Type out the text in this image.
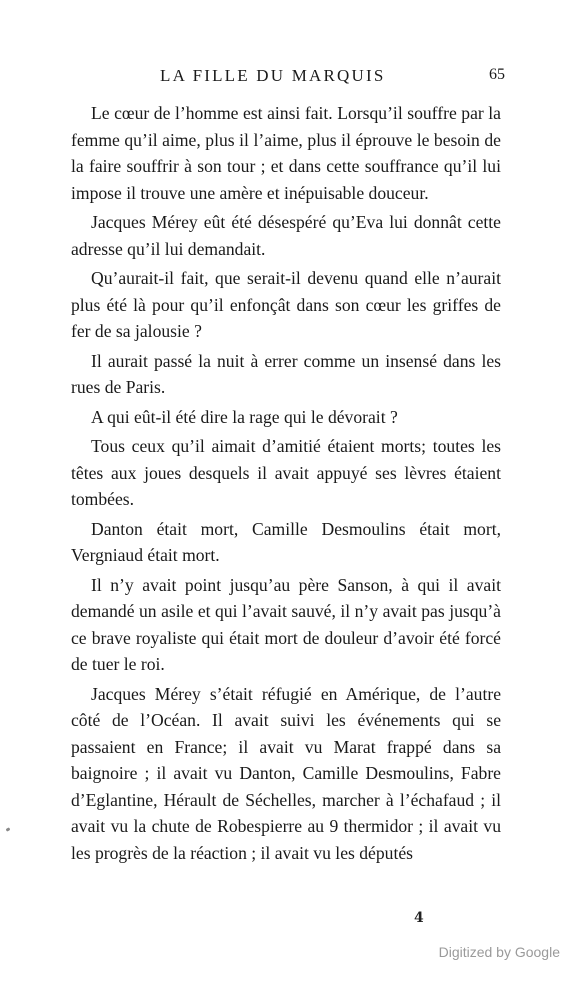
LA FILLE DU MARQUIS	65

Le cœur de l’homme est ainsi fait. Lorsqu’il souffre par la femme qu’il aime, plus il l’aime, plus il éprouve le besoin de la faire souffrir à son tour ; et dans cette souffrance qu’il lui impose il trouve une amère et inépuisable douceur.

Jacques Mérey eût été désespéré qu’Eva lui donnât cette adresse qu’il lui demandait.

Qu’aurait-il fait, que serait-il devenu quand elle n’aurait plus été là pour qu’il enfonçât dans son cœur les griffes de fer de sa jalousie ?

Il aurait passé la nuit à errer comme un insensé dans les rues de Paris.

A qui eût-il été dire la rage qui le dévorait ?

Tous ceux qu’il aimait d’amitié étaient morts; toutes les têtes aux joues desquels il avait appuyé ses lèvres étaient tombées.

Danton était mort, Camille Desmoulins était mort, Vergniaud était mort.

Il n’y avait point jusqu’au père Sanson, à qui il avait demandé un asile et qui l’avait sauvé, il n’y avait pas jusqu’à ce brave royaliste qui était mort de douleur d’avoir été forcé de tuer le roi.

Jacques Mérey s’était réfugié en Amérique, de l’autre côté de l’Océan. Il avait suivi les événements qui se passaient en France; il avait vu Marat frappé dans sa baignoire ; il avait vu Danton, Camille Desmoulins, Fabre d’Eglantine, Hérault de Séchelles, marcher à l’échafaud ; il avait vu la chute de Robespierre au 9 thermidor ; il avait vu les progrès de la réaction ; il avait vu les députés

4
Digitized by Google
